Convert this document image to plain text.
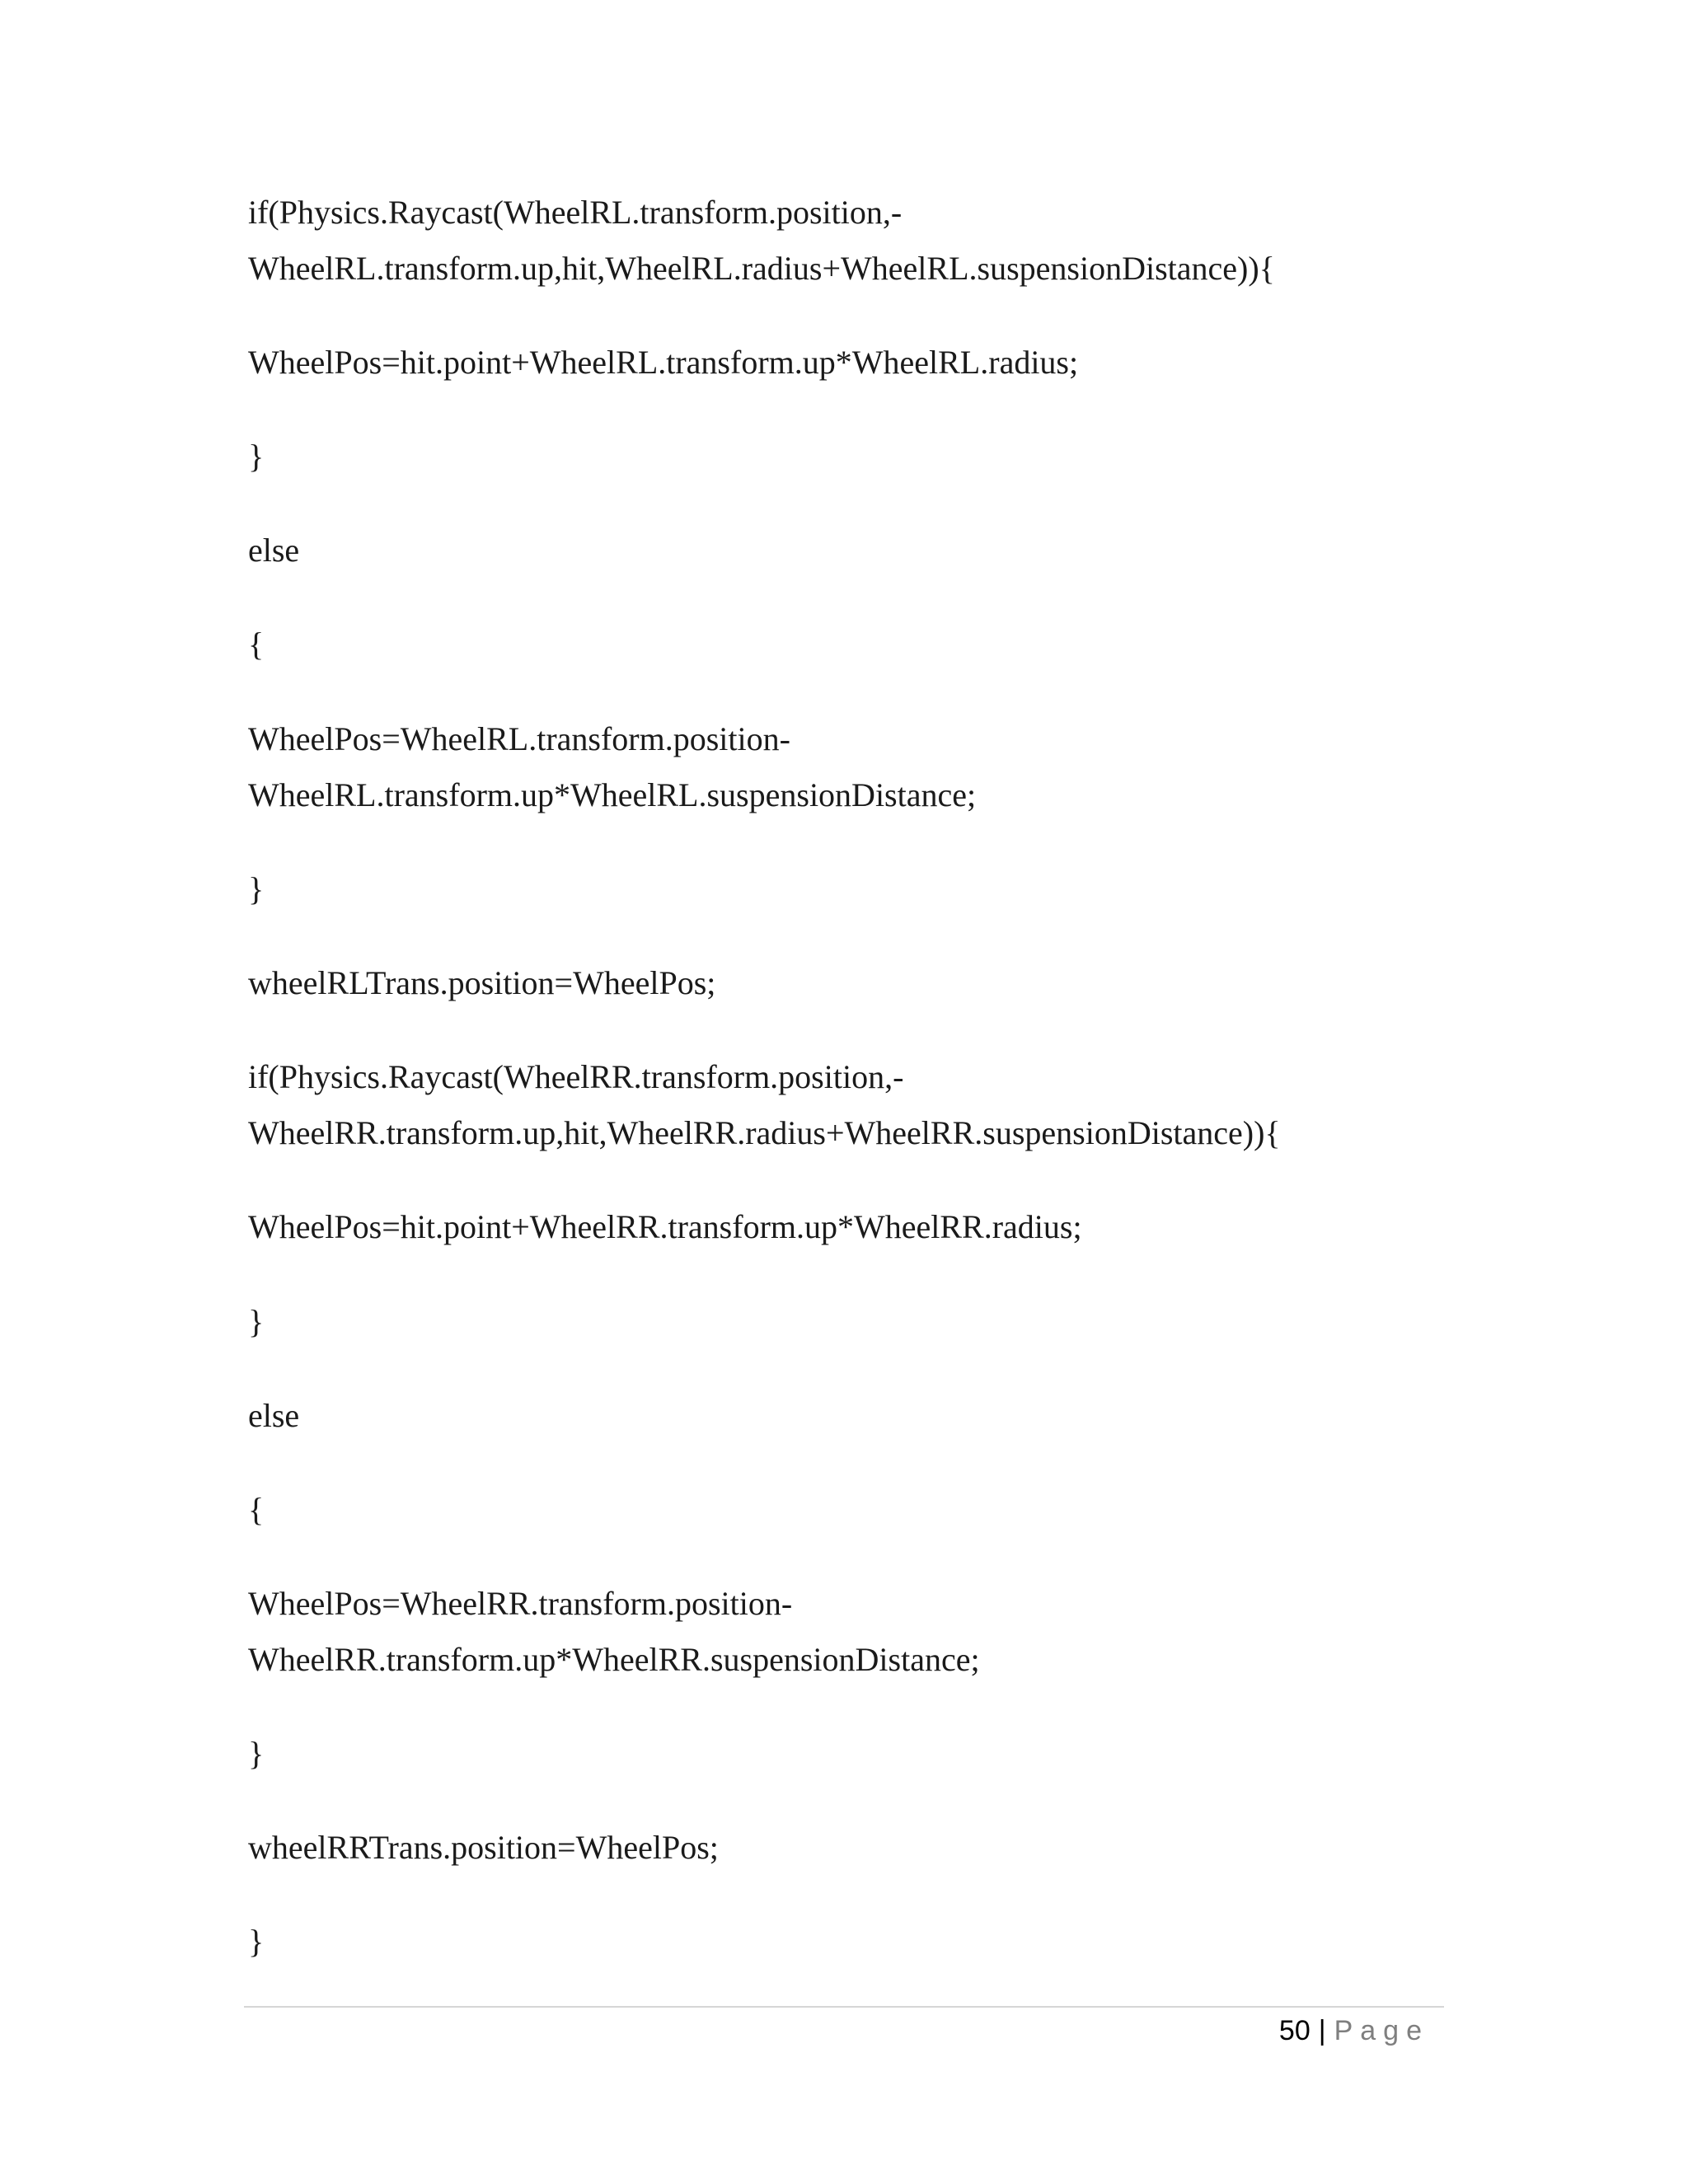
if(Physics.Raycast(WheelRL.transform.position,-
WheelRL.transform.up,hit,WheelRL.radius+WheelRL.suspensionDistance)){
WheelPos=hit.point+WheelRL.transform.up*WheelRL.radius;
}
else
{
WheelPos=WheelRL.transform.position-
WheelRL.transform.up*WheelRL.suspensionDistance;
}
wheelRLTrans.position=WheelPos;
if(Physics.Raycast(WheelRR.transform.position,-
WheelRR.transform.up,hit,WheelRR.radius+WheelRR.suspensionDistance)){
WheelPos=hit.point+WheelRR.transform.up*WheelRR.radius;
}
else
{
WheelPos=WheelRR.transform.position-
WheelRR.transform.up*WheelRR.suspensionDistance;
}
wheelRRTrans.position=WheelPos;
}
50 | Page
